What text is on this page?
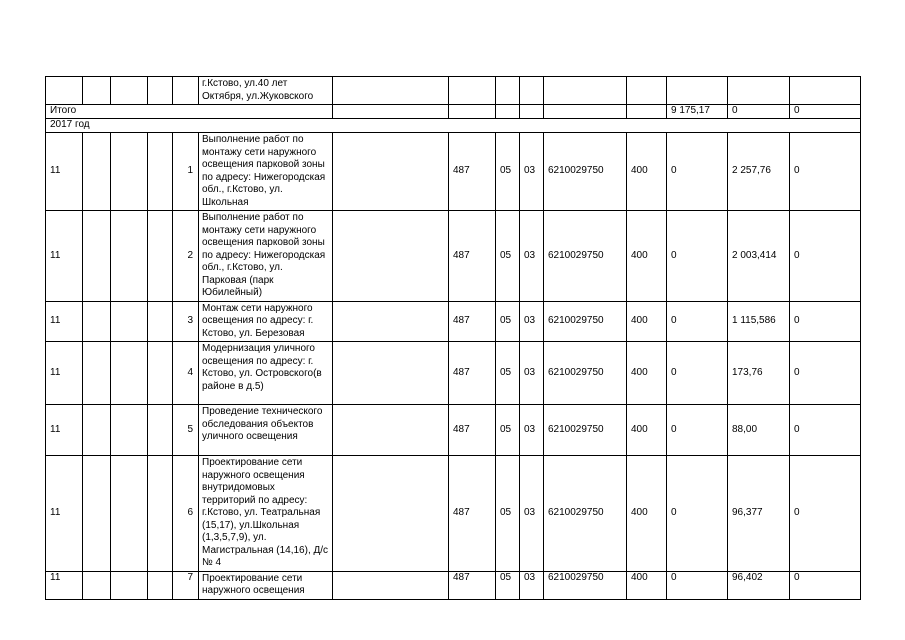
					г.Кстово, ул.40 лет Октября, ул.Жуковского									
Итого												9 175,17	0	0
2017 год														
11				1	Выполнение работ по монтажу сети наружного освещения парковой зоны по адресу: Нижегородская обл., г.Кстово, ул. Школьная		487	05	03	6210029750	400	0	2 257,76	0
11				2	Выполнение работ по монтажу сети наружного освещения парковой зоны по адресу: Нижегородская обл., г.Кстово, ул. Парковая (парк Юбилейный)		487	05	03	6210029750	400	0	2 003,414	0
11				3	Монтаж сети наружного освещения по адресу: г. Кстово, ул. Березовая		487	05	03	6210029750	400	0	1 115,586	0
11				4	Модернизация уличного освещения по адресу: г. Кстово, ул. Островского(в районе в д.5)		487	05	03	6210029750	400	0	173,76	0
11				5	Проведение технического обследования объектов уличного освещения		487	05	03	6210029750	400	0	88,00	0
11				6	Проектирование сети наружного освещения внутридомовых территорий по адресу: г.Кстово, ул. Театральная (15,17), ул.Школьная (1,3,5,7,9), ул. Магистральная (14,16), Д/с № 4		487	05	03	6210029750	400	0	96,377	0
11				7	Проектирование сети наружного освещения		487	05	03	6210029750	400	0	96,402	0
